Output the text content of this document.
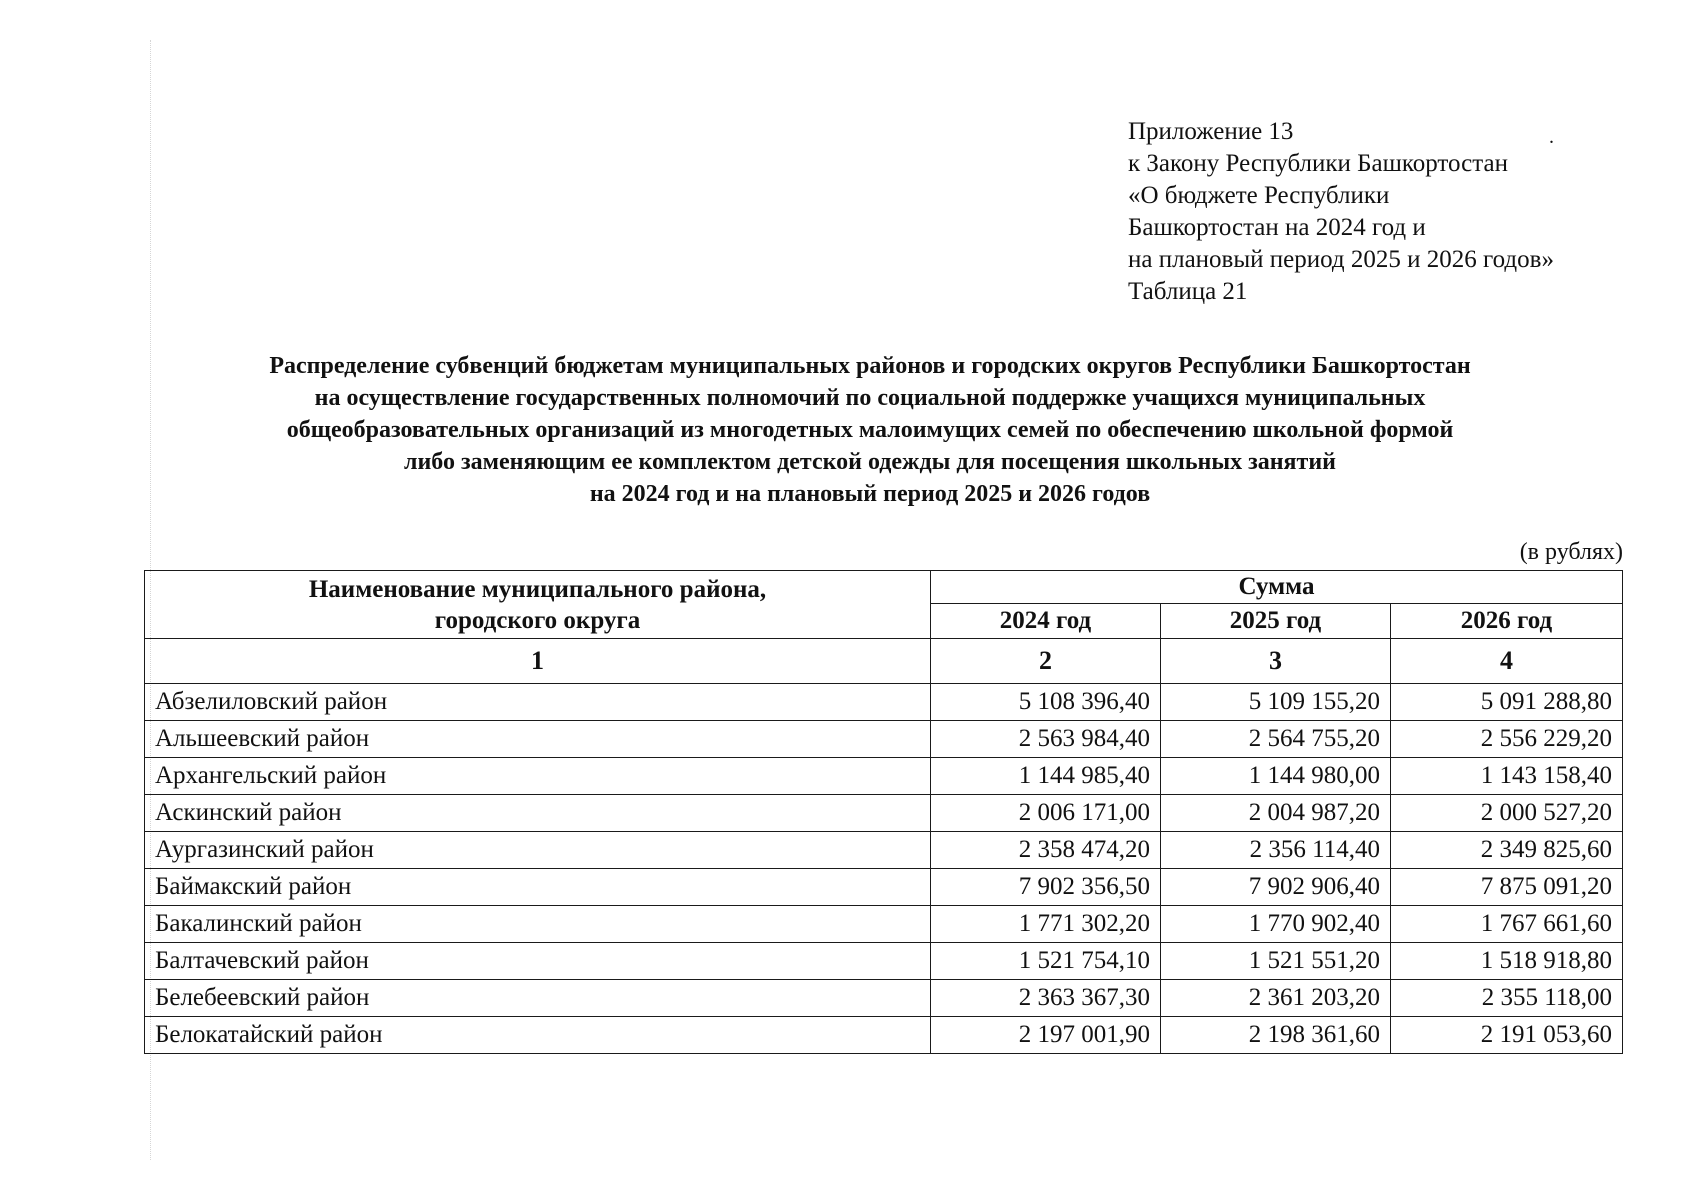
Приложение 13
к Закону Республики Башкортостан
«О бюджете Республики
Башкортостан на 2024 год и
на плановый период 2025 и 2026 годов»
Таблица 21
.
Распределение субвенций бюджетам муниципальных районов и городских округов Республики Башкортостан
на осуществление государственных полномочий по социальной поддержке учащихся муниципальных
общеобразовательных организаций из многодетных малоимущих семей по обеспечению школьной формой
либо заменяющим ее комплектом детской одежды для посещения школьных занятий
на 2024 год и на плановый период 2025 и 2026 годов
(в рублях)
Наименование муниципального района,
городского округа	Сумма		
	2024 год	2025 год	2026 год
1	2	3	4
Абзелиловский район	5 108 396,40	5 109 155,20	5 091 288,80
Альшеевский район	2 563 984,40	2 564 755,20	2 556 229,20
Архангельский район	1 144 985,40	1 144 980,00	1 143 158,40
Аскинский район	2 006 171,00	2 004 987,20	2 000 527,20
Аургазинский район	2 358 474,20	2 356 114,40	2 349 825,60
Баймакский район	7 902 356,50	7 902 906,40	7 875 091,20
Бакалинский район	1 771 302,20	1 770 902,40	1 767 661,60
Балтачевский район	1 521 754,10	1 521 551,20	1 518 918,80
Белебеевский район	2 363 367,30	2 361 203,20	2 355 118,00
Белокатайский район	2 197 001,90	2 198 361,60	2 191 053,60
